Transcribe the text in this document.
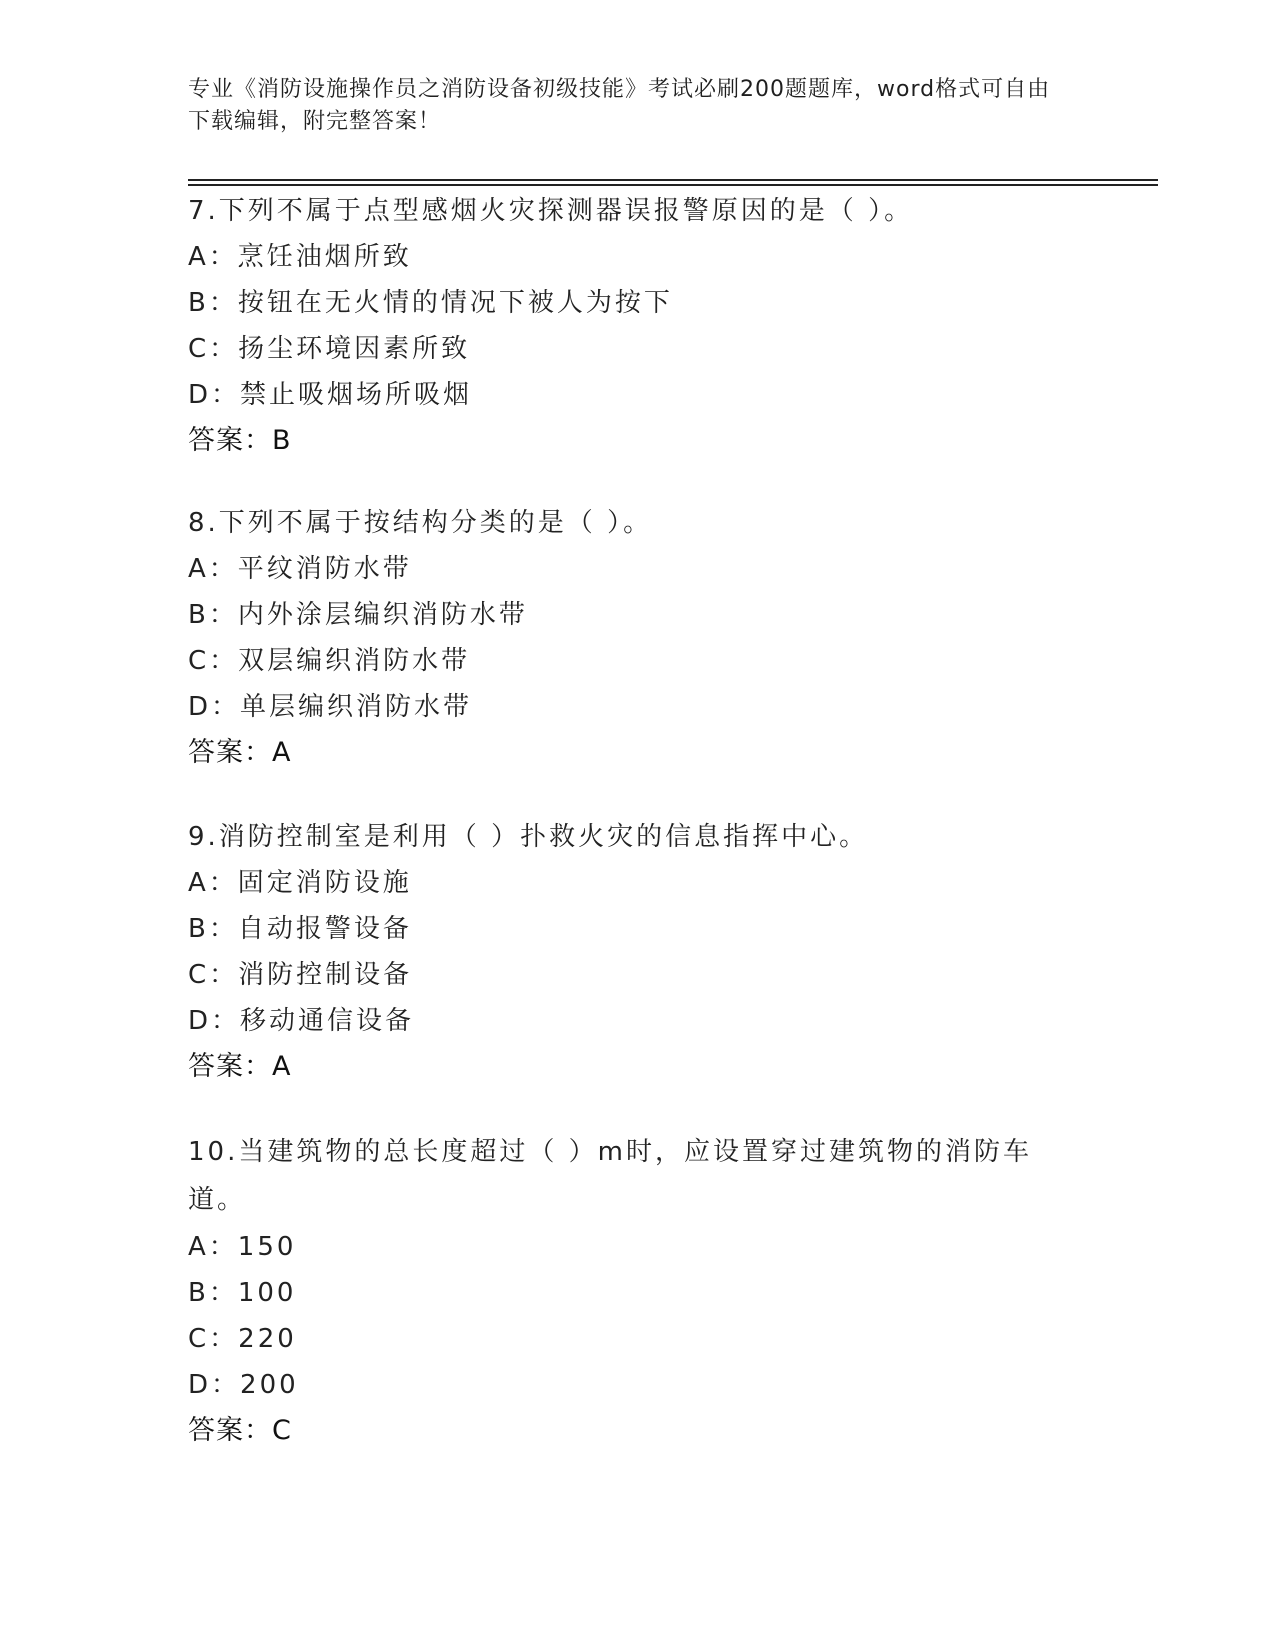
专业《消防设施操作员之消防设备初级技能》考试必刷200题题库，word格式可自由下载编辑，附完整答案！
7.下列不属于点型感烟火灾探测器误报警原因的是（ ）。
A：烹饪油烟所致
B：按钮在无火情的情况下被人为按下
C：扬尘环境因素所致
D：禁止吸烟场所吸烟
答案：B
8.下列不属于按结构分类的是（ ）。
A：平纹消防水带
B：内外涂层编织消防水带
C：双层编织消防水带
D：单层编织消防水带
答案：A
9.消防控制室是利用（ ）扑救火灾的信息指挥中心。
A：固定消防设施
B：自动报警设备
C：消防控制设备
D：移动通信设备
答案：A
10.当建筑物的总长度超过（ ）m时，应设置穿过建筑物的消防车道。
A：150
B：100
C：220
D：200
答案：C
